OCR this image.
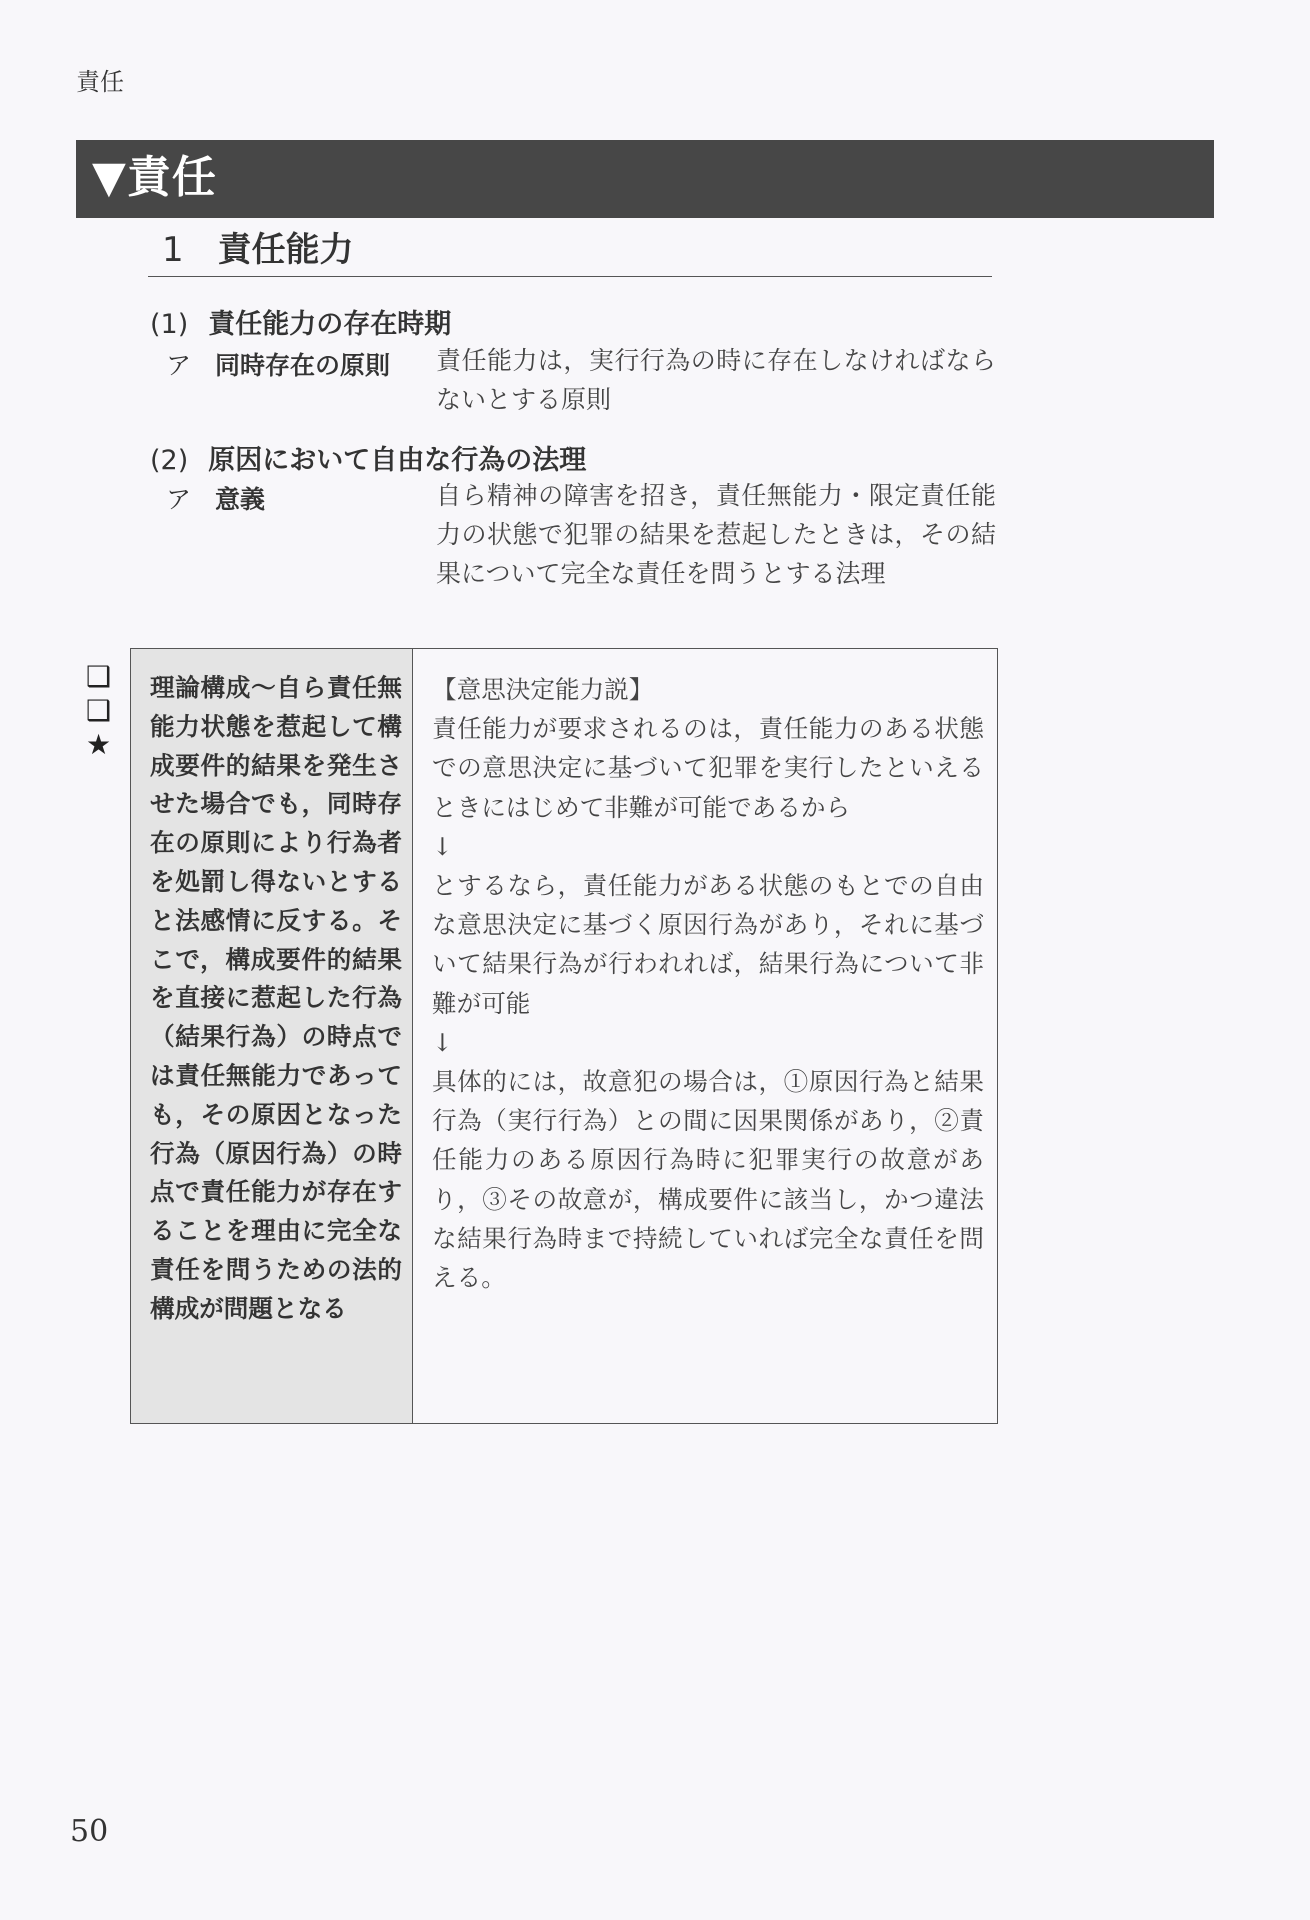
責任
▼責任
1 責任能力
(1) 責任能力の存在時期
ア 同時存在の原則 責任能力は，実行行為の時に存在しなければならないとする原則

(2) 原因において自由な行為の法理
ア 意義	自ら精神の障害を招き，責任無能力・限定責任能力の状態で犯罪の結果を惹起したときは，その結果について完全な責任を問うとする法理

❑
❑
★

理論構成〜自ら責任無能力状態を惹起して構成要件的結果を発生させた場合でも，同時存在の原則により行為者を処罰し得ないとすると法感情に反する。そこで，構成要件的結果を直接に惹起した行為（結果行為）の時点では責任無能力であっても，その原因となった行為（原因行為）の時点で責任能力が存在することを理由に完全な責任を問うための法的構成が問題となる

【意思決定能力説】

責任能力が要求されるのは，責任能力のある状態での意思決定に基づいて犯罪を実行したといえるときにはじめて非難が可能であるから

↓

とするなら，責任能力がある状態のもとでの自由な意思決定に基づく原因行為があり，それに基づいて結果行為が行われれば，結果行為について非難が可能

↓

具体的には，故意犯の場合は，①原因行為と結果行為（実行行為）との間に因果関係があり，②責任能力のある原因行為時に犯罪実行の故意があり，③その故意が，構成要件に該当し，かつ違法な結果行為時まで持続していれば完全な責任を問える。

50
